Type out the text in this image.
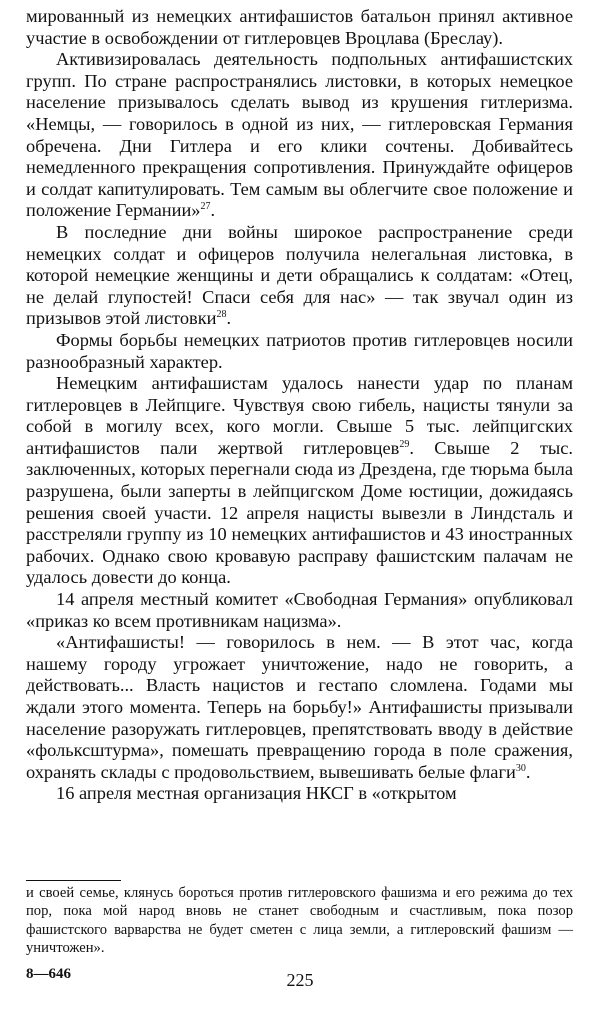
мированный из немецких антифашистов батальон принял активное участие в освобождении от гитлеровцев Вроцлава (Бреслау).

Активизировалась деятельность подпольных антифашистских групп. По стране распространялись листовки, в которых немецкое население призывалось сделать вывод из крушения гитлеризма. «Немцы, — говорилось в одной из них, — гитлеровская Германия обречена. Дни Гитлера и его клики сочтены. Добивайтесь немедленного прекращения сопротивления. Принуждайте офицеров и солдат капитулировать. Тем самым вы облегчите свое положение и положение Германии»$^{27}$.

В последние дни войны широкое распространение среди немецких солдат и офицеров получила нелегальная листовка, в которой немецкие женщины и дети обращались к солдатам: «Отец, не делай глупостей! Спаси себя для нас» — так звучал один из призывов этой листовки$^{28}$.

Формы борьбы немецких патриотов против гитлеровцев носили разнообразный характер.

Немецким антифашистам удалось нанести удар по планам гитлеровцев в Лейпциге. Чувствуя свою гибель, нацисты тянули за собой в могилу всех, кого могли. Свыше 5 тыс. лейпцигских антифашистов пали жертвой гитлеровцев$^{29}$. Свыше 2 тыс. заключенных, которых перегнали сюда из Дрездена, где тюрьма была разрушена, были заперты в лейпцигском Доме юстиции, дожидаясь решения своей участи. 12 апреля нацисты вывезли в Линдсталь и расстреляли группу из 10 немецких антифашистов и 43 иностранных рабочих. Однако свою кровавую расправу фашистским палачам не удалось довести до конца.

14 апреля местный комитет «Свободная Германия» опубликовал «приказ ко всем противникам нацизма».

«Антифашисты! — говорилось в нем. — В этот час, когда нашему городу угрожает уничтожение, надо не говорить, а действовать... Власть нацистов и гестапо сломлена. Годами мы ждали этого момента. Теперь на борьбу!» Антифашисты призывали население разоружать гитлеровцев, препятствовать вводу в действие «фольксштурма», помешать превращению города в поле сражения, охранять склады с продовольствием, вывешивать белые флаги$^{30}$.

16 апреля местная организация НКСГ в «открытом

и своей семье, клянусь бороться против гитлеровского фашизма и его режима до тех пор, пока мой народ вновь не станет свободным и счастливым, пока позор фашистского варварства не будет сметен с лица земли, а гитлеровский фашизм — уничтожен».

8—646	225
